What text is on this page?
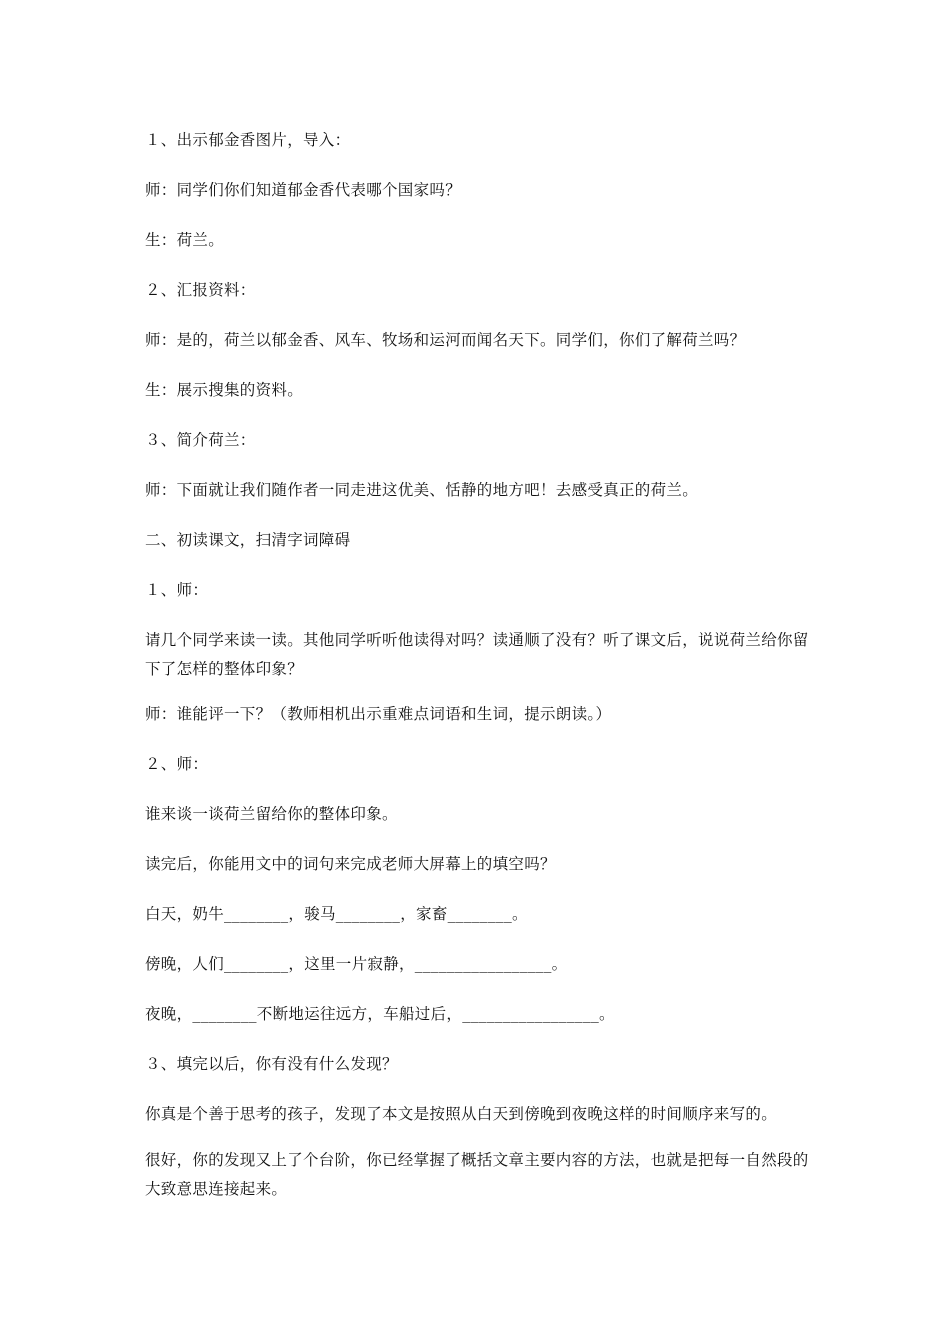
１、出示郁金香图片，导入：
师：同学们你们知道郁金香代表哪个国家吗？
生：荷兰。
２、汇报资料：
师：是的，荷兰以郁金香、风车、牧场和运河而闻名天下。同学们，你们了解荷兰吗？
生：展示搜集的资料。
３、简介荷兰：
师：下面就让我们随作者一同走进这优美、恬静的地方吧！去感受真正的荷兰。
二、初读课文，扫清字词障碍
１、师：
请几个同学来读一读。其他同学听听他读得对吗？读通顺了没有？听了课文后，说说荷兰给你留下了怎样的整体印象？
师：谁能评一下？（教师相机出示重难点词语和生词，提示朗读。）
２、师：
谁来谈一谈荷兰留给你的整体印象。
读完后，你能用文中的词句来完成老师大屏幕上的填空吗？
白天，奶牛________，骏马________，家畜________。
傍晚，人们________，这里一片寂静，_________________。
夜晚，________不断地运往远方，车船过后，_________________。
３、填完以后，你有没有什么发现？
你真是个善于思考的孩子，发现了本文是按照从白天到傍晚到夜晚这样的时间顺序来写的。
很好，你的发现又上了个台阶，你已经掌握了概括文章主要内容的方法，也就是把每一自然段的大致意思连接起来。
